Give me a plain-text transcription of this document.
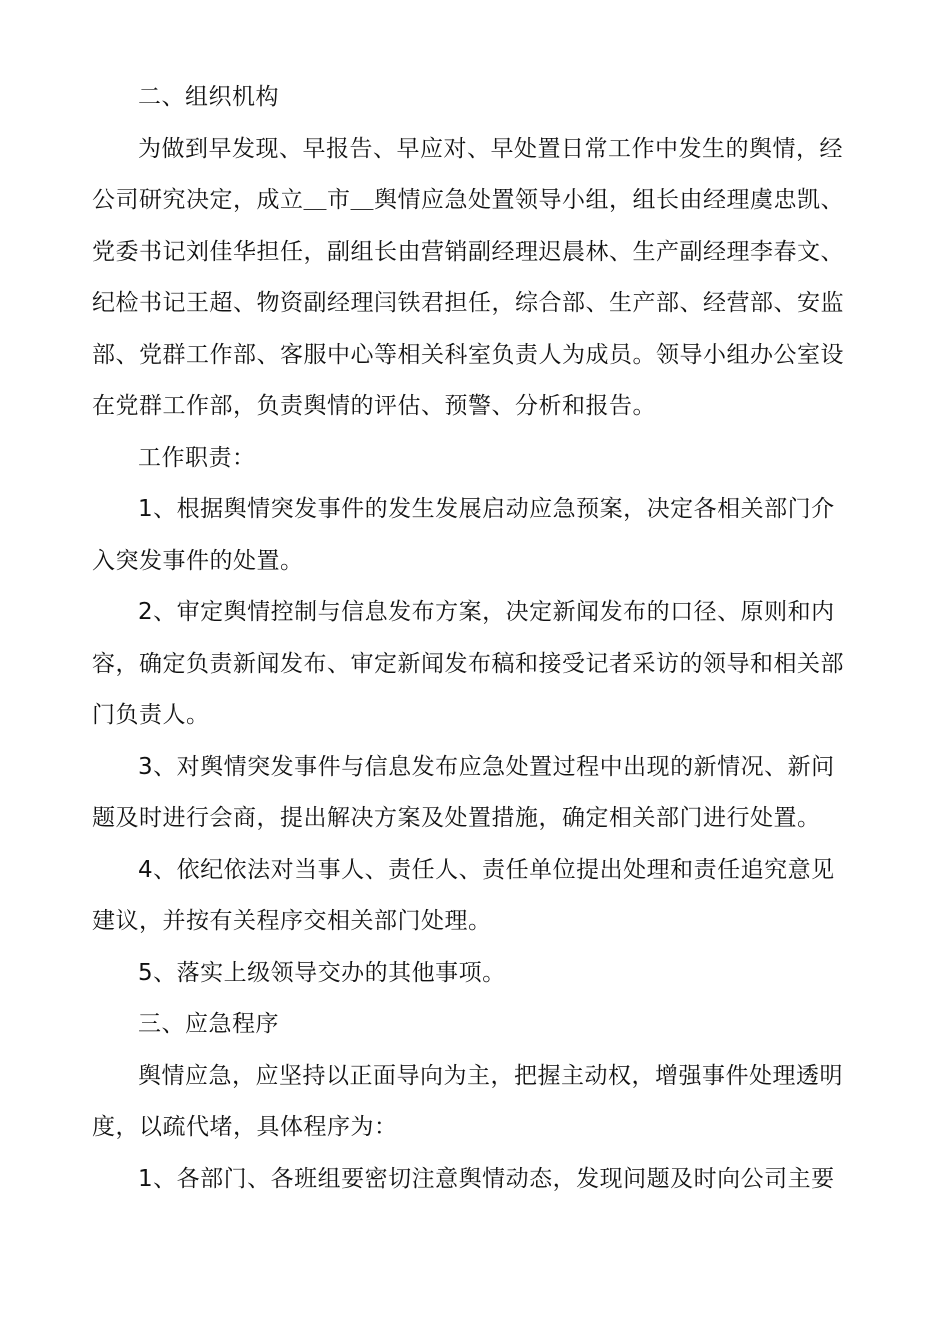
二、组织机构

为做到早发现、早报告、早应对、早处置日常工作中发生的舆情，经
公司研究决定，成立＿市＿舆情应急处置领导小组，组长由经理虞忠凯、
党委书记刘佳华担任，副组长由营销副经理迟晨林、生产副经理李春文、
纪检书记王超、物资副经理闫铁君担任，综合部、生产部、经营部、安监
部、党群工作部、客服中心等相关科室负责人为成员。领导小组办公室设
在党群工作部，负责舆情的评估、预警、分析和报告。

工作职责：

1、根据舆情突发事件的发生发展启动应急预案，决定各相关部门介
入突发事件的处置。

2、审定舆情控制与信息发布方案，决定新闻发布的口径、原则和内
容，确定负责新闻发布、审定新闻发布稿和接受记者采访的领导和相关部
门负责人。

3、对舆情突发事件与信息发布应急处置过程中出现的新情况、新问
题及时进行会商，提出解决方案及处置措施，确定相关部门进行处置。

4、依纪依法对当事人、责任人、责任单位提出处理和责任追究意见
建议，并按有关程序交相关部门处理。

5、落实上级领导交办的其他事项。

三、应急程序

舆情应急，应坚持以正面导向为主，把握主动权，增强事件处理透明
度，以疏代堵，具体程序为：

1、各部门、各班组要密切注意舆情动态，发现问题及时向公司主要
